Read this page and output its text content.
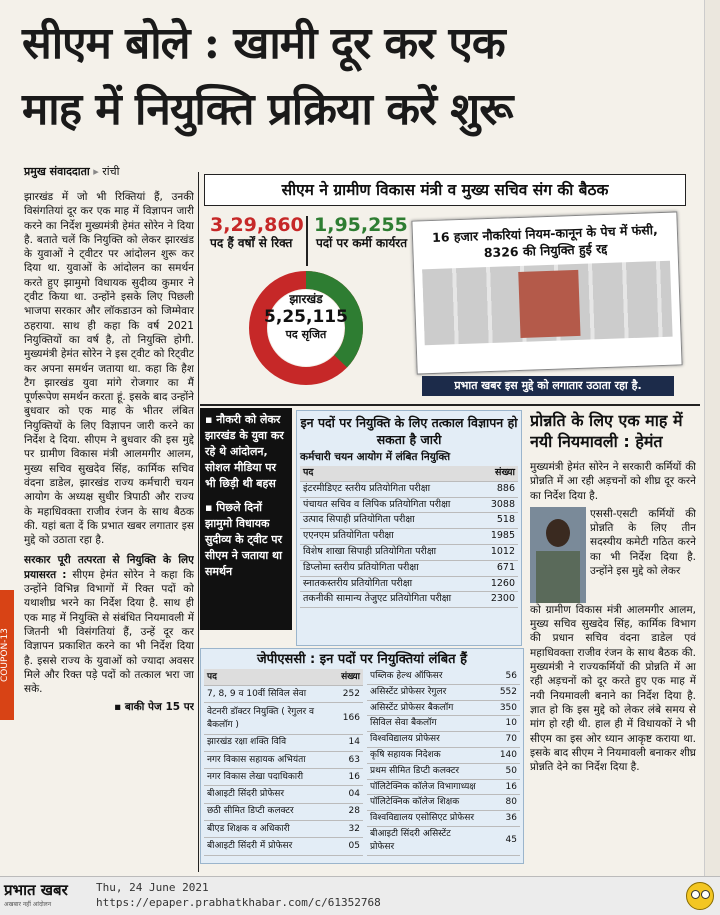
सीएम बोले : खामी दूर कर एक
माह में नियुक्ति प्रक्रिया करें शुरू
प्रमुख संवाददाता ▸ रांची
झारखंड में जो भी रिक्तियां हैं, उनकी विसंगतियां दूर कर एक माह में विज्ञापन जारी करने का निर्देश मुख्यमंत्री हेमंत सोरेन ने दिया है. बताते चलें कि नियुक्ति को लेकर झारखंड के युवाओं ने ट्वीटर पर आंदोलन शुरू कर दिया था. युवाओं के आंदोलन का समर्थन करते हुए झामुमो विधायक सुदीव्य कुमार ने ट्वीट किया था. उन्होंने इसके लिए पिछली भाजपा सरकार और लॉकडाउन को जिम्मेवार ठहराया. साथ ही कहा कि वर्ष 2021 नियुक्तियों का वर्ष है, तो नियुक्ति होगी. मुख्यमंत्री हेमंत सोरेन ने इस ट्वीट को रिट्वीट कर अपना समर्थन जताया था. कहा कि हैश टैग झारखंड युवा मांगे रोजगार का मैं पूर्णरूपेण समर्थन करता हूं. इसके बाद उन्होंने बुधवार को एक माह के भीतर लंबित नियुक्तियों के लिए विज्ञापन जारी करने का निर्देश दे दिया. सीएम ने बुधवार की इस मुद्दे पर ग्रामीण विकास मंत्री आलमगीर आलम, मुख्य सचिव सुखदेव सिंह, कार्मिक सचिव वंदना डाडेल, झारखंड राज्य कर्मचारी चयन आयोग के अध्यक्ष सुधीर त्रिपाठी और राज्य के महाधिवक्ता राजीव रंजन के साथ बैठक की. यहां बता दें कि प्रभात खबर लगातार इस मुद्दे को उठाता रहा है.
सरकार पूरी तत्परता से नियुक्ति के लिए प्रयासरत : सीएम हेमंत सोरेन ने कहा कि उन्होंने विभिन्न विभागों में रिक्त पदों को यथाशीघ्र भरने का निर्देश दिया है. साथ ही एक माह में नियुक्ति से संबंधित नियमावली में जितनी भी विसंगतियां हैं, उन्हें दूर कर विज्ञापन प्रकाशित करने का भी निर्देश दिया है. इससे राज्य के युवाओं को ज्यादा अवसर मिले और रिक्त पड़े पदों को तत्काल भरा जा सके.
▪ बाकी पेज 15 पर
COUPON-13
सीएम ने ग्रामीण विकास मंत्री व मुख्य सचिव संग की बैठक
3,29,860
पद हैं वर्षों से रिक्त
1,95,255
पदों पर कर्मी कार्यरत
झारखंड
5,25,115
पद सृजित
16 हजार नौकरियां नियम-कानून के पेच में फंसी, 8326 की नियुक्ति हुई रद्द
प्रभात खबर इस मुद्दे को लगातार उठाता रहा है.
▪ नौकरी को लेकर झारखंड के युवा कर रहे थे आंदोलन, सोशल मीडिया पर भी छिड़ी थी बहस
▪ पिछले दिनों झामुमो विधायक सुदीव्य के ट्वीट पर सीएम ने जताया था समर्थन
इन पदों पर नियुक्ति के लिए तत्काल विज्ञापन हो सकता है जारी
कर्मचारी चयन आयोग में लंबित नियुक्ति
पद	संख्या
इंटरमीडिएट स्तरीय प्रतियोगिता परीक्षा	886
पंचायत सचिव व लिपिक प्रतियोगिता परीक्षा	3088
उत्पाद सिपाही प्रतियोगिता परीक्षा	518
एएनएम प्रतियोगिता परीक्षा	1985
विशेष शाखा सिपाही प्रतियोगिता परीक्षा	1012
डिप्लोमा स्तरीय प्रतियोगिता परीक्षा	671
स्नातकस्तरीय प्रतियोगिता परीक्षा	1260
तकनीकी सामान्य तेजुएट प्रतियोगिता परीक्षा	2300
प्रोन्नति के लिए एक माह में नयी नियमावली : हेमंत
मुख्यमंत्री हेमंत सोरेन ने सरकारी कर्मियों की प्रोन्नति में आ रही अड़चनों को शीघ्र दूर करने का निर्देश दिया है.
एससी-एसटी कर्मियों की प्रोन्नति के लिए तीन सदस्यीय कमेटी गठित करने का भी निर्देश दिया है. उन्होंने इस मुद्दे को लेकर
को ग्रामीण विकास मंत्री आलमगीर आलम, मुख्य सचिव सुखदेव सिंह, कार्मिक विभाग की प्रधान सचिव वंदना डाडेल एवं महाधिवक्ता राजीव रंजन के साथ बैठक की. मुख्यमंत्री ने राज्यकर्मियों की प्रोन्नति में आ रही अड़चनों को दूर करते हुए एक माह में नयी नियमावली बनाने का निर्देश दिया है. ज्ञात हो कि इस मुद्दे को लेकर लंबे समय से मांग हो रही थी. हाल ही में विधायकों ने भी सीएम का इस ओर ध्यान आकृष्ट कराया था. इसके बाद सीएम ने नियमावली बनाकर शीघ्र प्रोन्नति देने का निर्देश दिया है.
जेपीएससी : इन पदों पर नियुक्तियां लंबित हैं
पद	संख्या
7, 8, 9 व 10वीं सिविल सेवा	252
वेटनरी डॉक्टर नियुक्ति ( रेगुलर व बैकलॉग )	166
झारखंड रक्षा शक्ति विवि	14
नगर विकास सहायक अभियंता	63
नगर विकास लेखा पदाधिकारी	16
बीआइटी सिंदरी प्रोफेसर	04
छठी सीमित डिप्टी कलक्टर	28
बीएड शिक्षक व अधिकारी	32
बीआइटी सिंदरी में प्रोफेसर	05
पब्लिक हेल्थ ऑफिसर	56
असिस्टेंट प्रोफेसर रेगुलर	552
असिस्टेंट प्रोफेसर बैकलॉग	350
सिविल सेवा बैकलॉग	10
विश्वविद्यालय प्रोफेसर	70
कृषि सहायक निदेशक	140
प्रथम सीमित डिप्टी कलक्टर	50
पॉलिटेक्निक कॉलेज विभागाध्यक्ष	16
पॉलिटेक्निक कॉलेज शिक्षक	80
विश्वविद्यालय एसोसिएट प्रोफेसर	36
बीआइटी सिंदरी असिस्टेंट प्रोफेसर	45
प्रभात खबर
अखबार नहीं आंदोलन
Thu, 24 June 2021
https://epaper.prabhatkhabar.com/c/61352768
